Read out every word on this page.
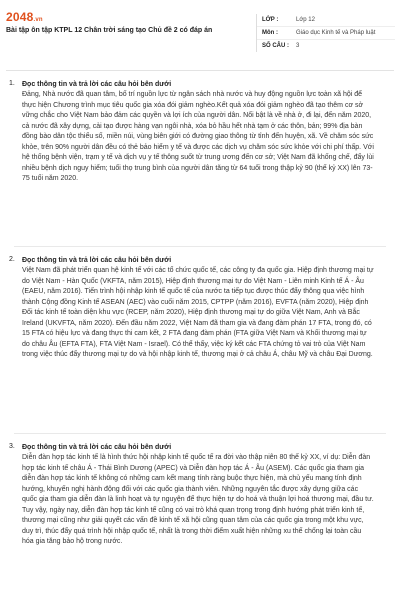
2048.vn
Bài tập ôn tập KTPL 12 Chân trời sáng tạo Chủ đề 2 có đáp án
LỚP :	Lớp 12
Môn :	Giáo dục Kinh tế và Pháp luật
SỐ CÂU :	3
1. Đọc thông tin và trả lời các câu hỏi bên dưới
Đảng, Nhà nước đã quan tâm, bố trí nguồn lực từ ngân sách nhà nước và huy động nguồn lực toàn xã hội để thực hiện Chương trình mục tiêu quốc gia xóa đói giảm nghèo.Kết quả xóa đói giảm nghèo đã tạo thêm cơ sở vững chắc cho Việt Nam bảo đảm các quyền và lợi ích của người dân. Nổi bật là về nhà ở, đi lại, đến năm 2020, cả nước đã xây dựng, cải tạo được hàng vạn ngôi nhà, xóa bỏ hầu hết nhà tạm ở các thôn, bản; 99% địa bàn đồng bào dân tộc thiểu số, miền núi, vùng biên giới có đường giao thông từ tỉnh đến huyện, xã. Về chăm sóc sức khỏe, trên 90% người dân đều có thẻ bảo hiểm y tế và được các dịch vụ chăm sóc sức khỏe với chi phí thấp. Với hệ thống bệnh viện, trạm y tế và dịch vụ y tế thông suốt từ trung ương đến cơ sở; Việt Nam đã khống chế, đẩy lùi nhiều bệnh dịch nguy hiểm; tuổi thọ trung bình của người dân tăng từ 64 tuổi trong thập kỷ 90 (thế kỷ XX) lên 73-75 tuổi năm 2020.
2. Đọc thông tin và trả lời các câu hỏi bên dưới
Việt Nam đã phát triển quan hệ kinh tế với các tổ chức quốc tế, các công ty đa quốc gia. Hiệp định thương mại tự do Việt Nam - Hàn Quốc (VKFTA, năm 2015), Hiệp định thương mại tự do Việt Nam - Liên minh Kinh tế Á - Âu (EAEU, năm 2016). Tiến trình hội nhập kinh tế quốc tế của nước ta tiếp tục được thúc đẩy thông qua việc hình thành Cộng đồng Kinh tế ASEAN (AEC) vào cuối năm 2015, CPTPP (năm 2016), EVFTA (năm 2020), Hiệp định Đối tác kinh tế toàn diện khu vực (RCEP, năm 2020), Hiệp định thương mại tự do giữa Việt Nam, Anh và Bắc Ireland (UKVFTA, năm 2020). Đến đầu năm 2022, Việt Nam đã tham gia và đang đàm phán 17 FTA, trong đó, có 15 FTA có hiệu lực và đang thực thi cam kết, 2 FTA đang đàm phán (FTA giữa Việt Nam và Khối thương mại tự do châu Âu (EFTA FTA), FTA Việt Nam - Israel). Có thể thấy, việc ký kết các FTA chứng tỏ vai trò của Việt Nam trong việc thúc đẩy thương mại tự do và hội nhập kinh tế, thương mại ở cả châu Á, châu Mỹ và châu Đại Dương.
3. Đọc thông tin và trả lời các câu hỏi bên dưới
Diễn đàn hợp tác kinh tế là hình thức hội nhập kinh tế quốc tế ra đời vào thập niên 80 thế kỷ XX, ví dụ: Diễn đàn hợp tác kinh tế châu Á - Thái Bình Dương (APEC) và Diễn đàn hợp tác Á - Âu (ASEM). Các quốc gia tham gia diễn đàn hợp tác kinh tế không có những cam kết mang tính ràng buộc thực hiện, mà chủ yếu mang tính định hướng, khuyến nghị hành động đối với các quốc gia thành viên. Những nguyên tắc được xây dựng giữa các quốc gia tham gia diễn đàn là linh hoạt và tự nguyện để thực hiện tự do hoá và thuận lợi hoá thương mại, đầu tư. Tuy vậy, ngày nay, diễn đàn hợp tác kinh tế cũng có vai trò khá quan trọng trong định hướng phát triển kinh tế, thương mại cũng như giải quyết các vấn đề kinh tế xã hội cũng quan tâm của các quốc gia trong một khu vực, duy trì, thúc đẩy quá trình hội nhập quốc tế, nhất là trong thời điểm xuất hiện những xu thế chống lại toàn cầu hóa gia tăng bảo hộ trong nước.
